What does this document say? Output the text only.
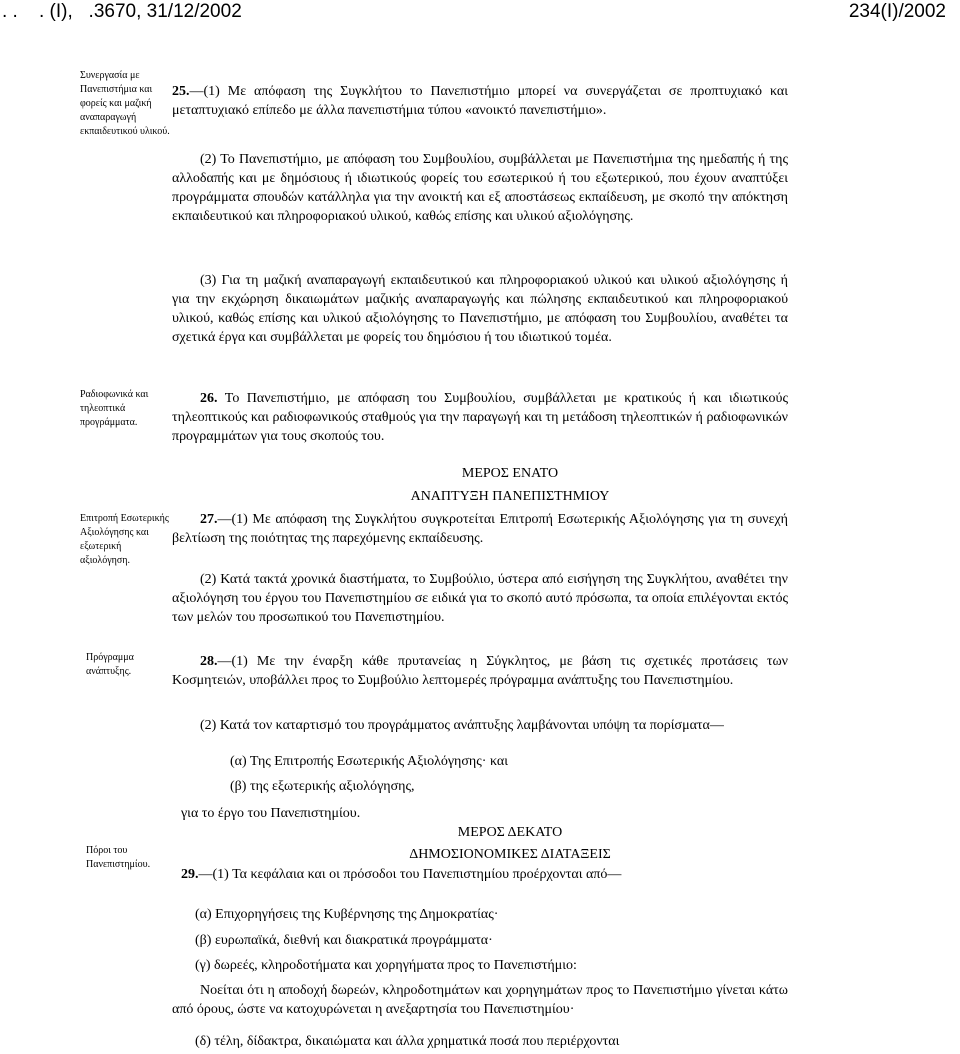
. .    . (Ι),   .3670, 31/12/2002	234(Ι)/2002
Συνεργασία με Πανεπιστήμια και φορείς και μαζική αναπαραγωγή εκπαιδευτικού υλικού.
Ραδιοφωνικά και τηλεοπτικά προγράμματα.
Επιτροπή Εσωτερικής Αξιολόγησης και εξωτερική αξιολόγηση.
Πρόγραμμα ανάπτυξης.
Πόροι του Πανεπιστημίου.

25.—(1) Με απόφαση της Συγκλήτου το Πανεπιστήμιο μπορεί να συνεργάζεται σε προπτυχιακό και μεταπτυχιακό επίπεδο με άλλα πανεπιστήμια τύπου «ανοικτό πανεπιστήμιο».

(2) Το Πανεπιστήμιο, με απόφαση του Συμβουλίου, συμβάλλεται με Πανεπιστήμια της ημεδαπής ή της αλλοδαπής και με δημόσιους ή ιδιωτικούς φορείς του εσωτερικού ή του εξωτερικού, που έχουν αναπτύξει προγράμματα σπουδών κατάλληλα για την ανοικτή και εξ αποστάσεως εκπαίδευση, με σκοπό την απόκτηση εκπαιδευτικού και πληροφοριακού υλικού, καθώς επίσης και υλικού αξιολόγησης.

(3) Για τη μαζική αναπαραγωγή εκπαιδευτικού και πληροφοριακού υλικού και υλικού αξιολόγησης ή για την εκχώρηση δικαιωμάτων μαζικής αναπαραγωγής και πώλησης εκπαιδευτικού και πληροφοριακού υλικού, καθώς επίσης και υλικού αξιολόγησης το Πανεπιστήμιο, με απόφαση του Συμβουλίου, αναθέτει τα σχετικά έργα και συμβάλλεται με φορείς του δημόσιου ή του ιδιωτικού τομέα.

26. Το Πανεπιστήμιο, με απόφαση του Συμβουλίου, συμβάλλεται με κρατικούς ή και ιδιωτικούς τηλεοπτικούς και ραδιοφωνικούς σταθμούς για την παραγωγή και τη μετάδοση τηλεοπτικών ή ραδιοφωνικών προγραμμάτων για τους σκοπούς του.

ΜΕΡΟΣ ΕΝΑΤΟ
ΑΝΑΠΤΥΞΗ ΠΑΝΕΠΙΣΤΗΜΙΟΥ

27.—(1) Με απόφαση της Συγκλήτου συγκροτείται Επιτροπή Εσωτερικής Αξιολόγησης για τη συνεχή βελτίωση της ποιότητας της παρεχόμενης εκπαίδευσης.

(2) Κατά τακτά χρονικά διαστήματα, το Συμβούλιο, ύστερα από εισήγηση της Συγκλήτου, αναθέτει την αξιολόγηση του έργου του Πανεπιστημίου σε ειδικά για το σκοπό αυτό πρόσωπα, τα οποία επιλέγονται εκτός των μελών του προσωπικού του Πανεπιστημίου.

28.—(1) Με την έναρξη κάθε πρυτανείας η Σύγκλητος, με βάση τις σχετικές προτάσεις των Κοσμητειών, υποβάλλει προς το Συμβούλιο λεπτομερές πρόγραμμα ανάπτυξης του Πανεπιστημίου.

(2) Κατά τον καταρτισμό του προγράμματος ανάπτυξης λαμβάνονται υπόψη τα πορίσματα—
(α) Της Επιτροπής Εσωτερικής Αξιολόγησης· και
(β) της εξωτερικής αξιολόγησης,
για το έργο του Πανεπιστημίου.
ΜΕΡΟΣ ΔΕΚΑΤΟ
ΔΗΜΟΣΙΟΝΟΜΙΚΕΣ ΔΙΑΤΑΞΕΙΣ
29.—(1) Τα κεφάλαια και οι πρόσοδοι του Πανεπιστημίου προέρχονται από—
(α) Επιχορηγήσεις της Κυβέρνησης της Δημοκρατίας·
(β) ευρωπαϊκά, διεθνή και διακρατικά προγράμματα·
(γ) δωρεές, κληροδοτήματα και χορηγήματα προς το Πανεπιστήμιο:

Νοείται ότι η αποδοχή δωρεών, κληροδοτημάτων και χορηγημάτων προς το Πανεπιστήμιο γίνεται κάτω από όρους, ώστε να κατοχυρώνεται η ανεξαρτησία του Πανεπιστημίου·

(δ) τέλη, δίδακτρα, δικαιώματα και άλλα χρηματικά ποσά που περιέρχονται
